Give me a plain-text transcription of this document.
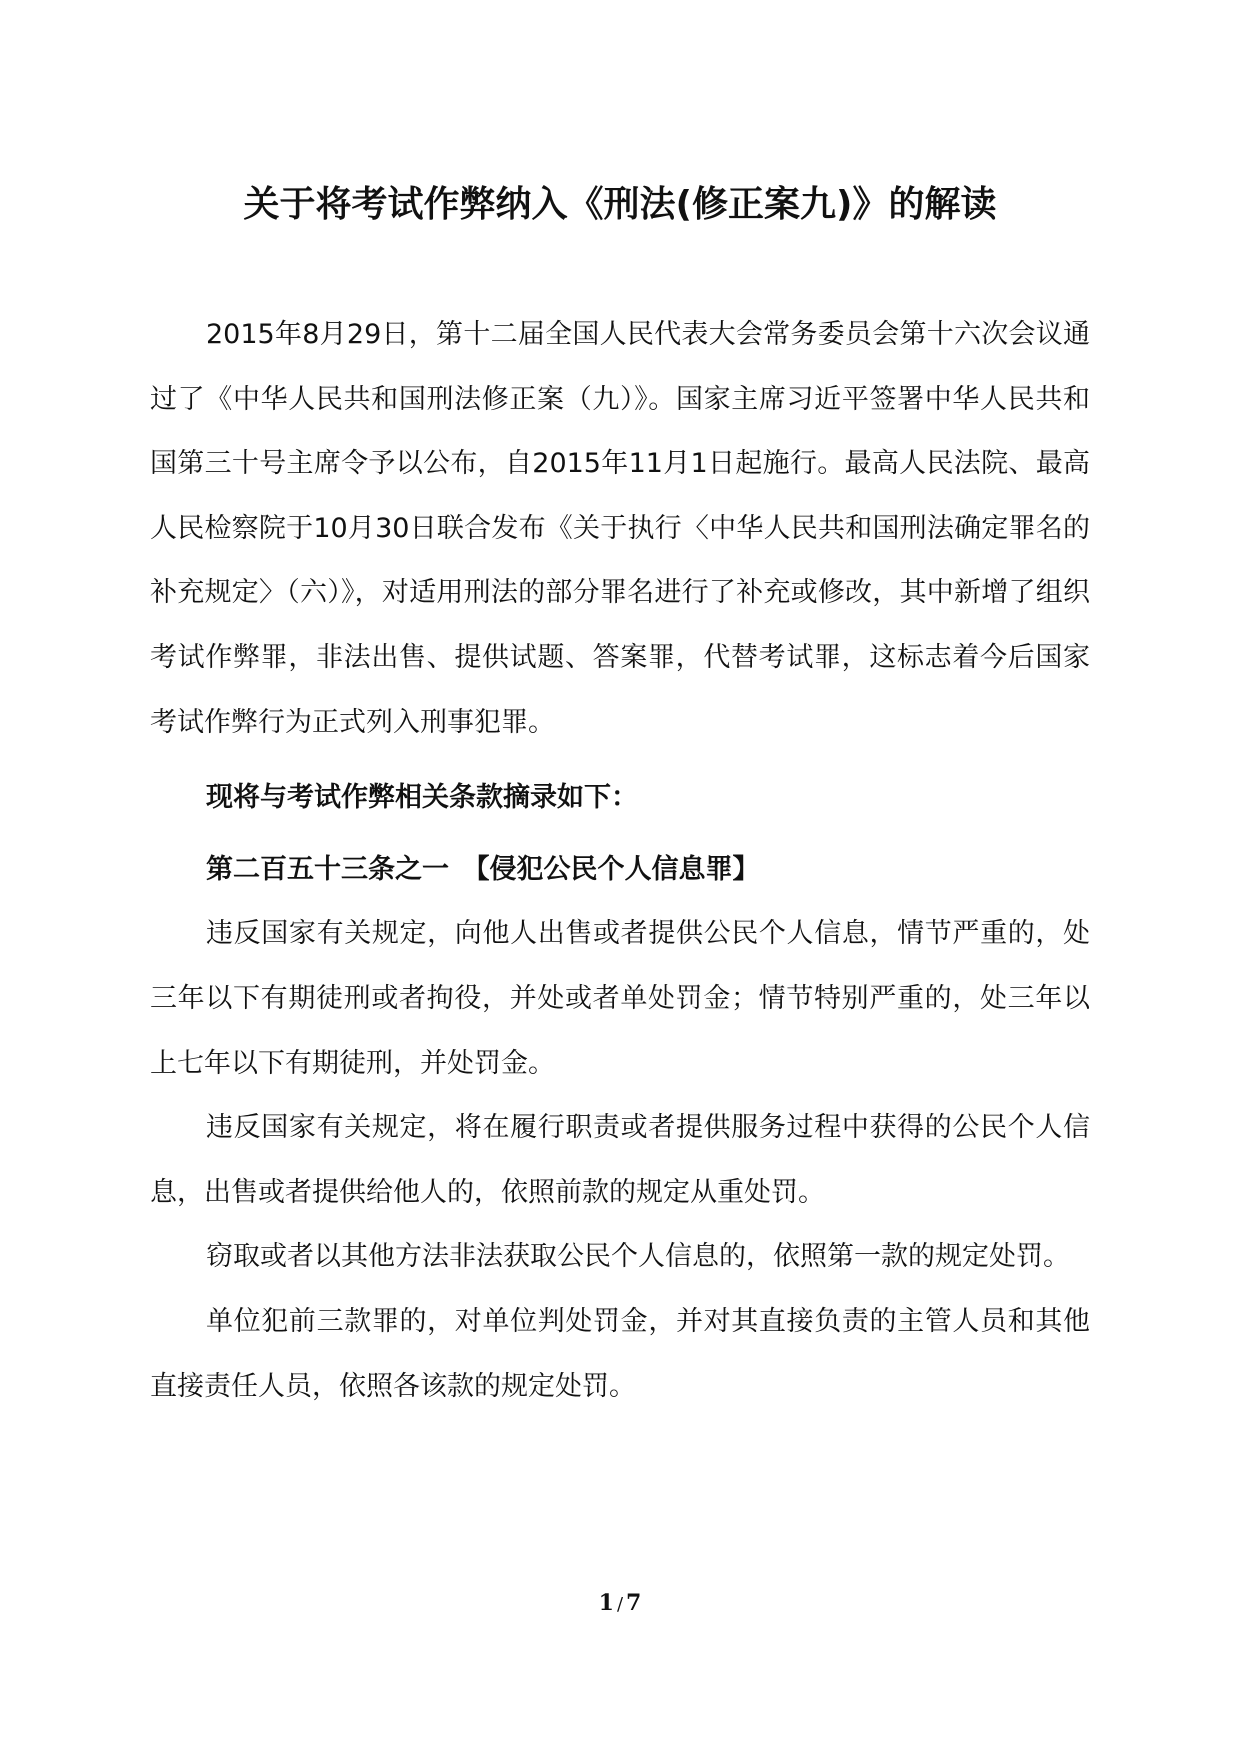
关于将考试作弊纳入《刑法(修正案九)》的解读

2015年8月29日，第十二届全国人民代表大会常务委员会第十六次会议通过了《中华人民共和国刑法修正案（九）》。国家主席习近平签署中华人民共和国第三十号主席令予以公布，自2015年11月1日起施行。最高人民法院、最高人民检察院于10月30日联合发布《关于执行〈中华人民共和国刑法确定罪名的补充规定〉（六）》，对适用刑法的部分罪名进行了补充或修改，其中新增了组织考试作弊罪，非法出售、提供试题、答案罪，代替考试罪，这标志着今后国家考试作弊行为正式列入刑事犯罪。

现将与考试作弊相关条款摘录如下：

第二百五十三条之一　【侵犯公民个人信息罪】

违反国家有关规定，向他人出售或者提供公民个人信息，情节严重的，处三年以下有期徒刑或者拘役，并处或者单处罚金；情节特别严重的，处三年以上七年以下有期徒刑，并处罚金。

违反国家有关规定，将在履行职责或者提供服务过程中获得的公民个人信息，出售或者提供给他人的，依照前款的规定从重处罚。

窃取或者以其他方法非法获取公民个人信息的，依照第一款的规定处罚。

单位犯前三款罪的，对单位判处罚金，并对其直接负责的主管人员和其他直接责任人员，依照各该款的规定处罚。

1 / 7
